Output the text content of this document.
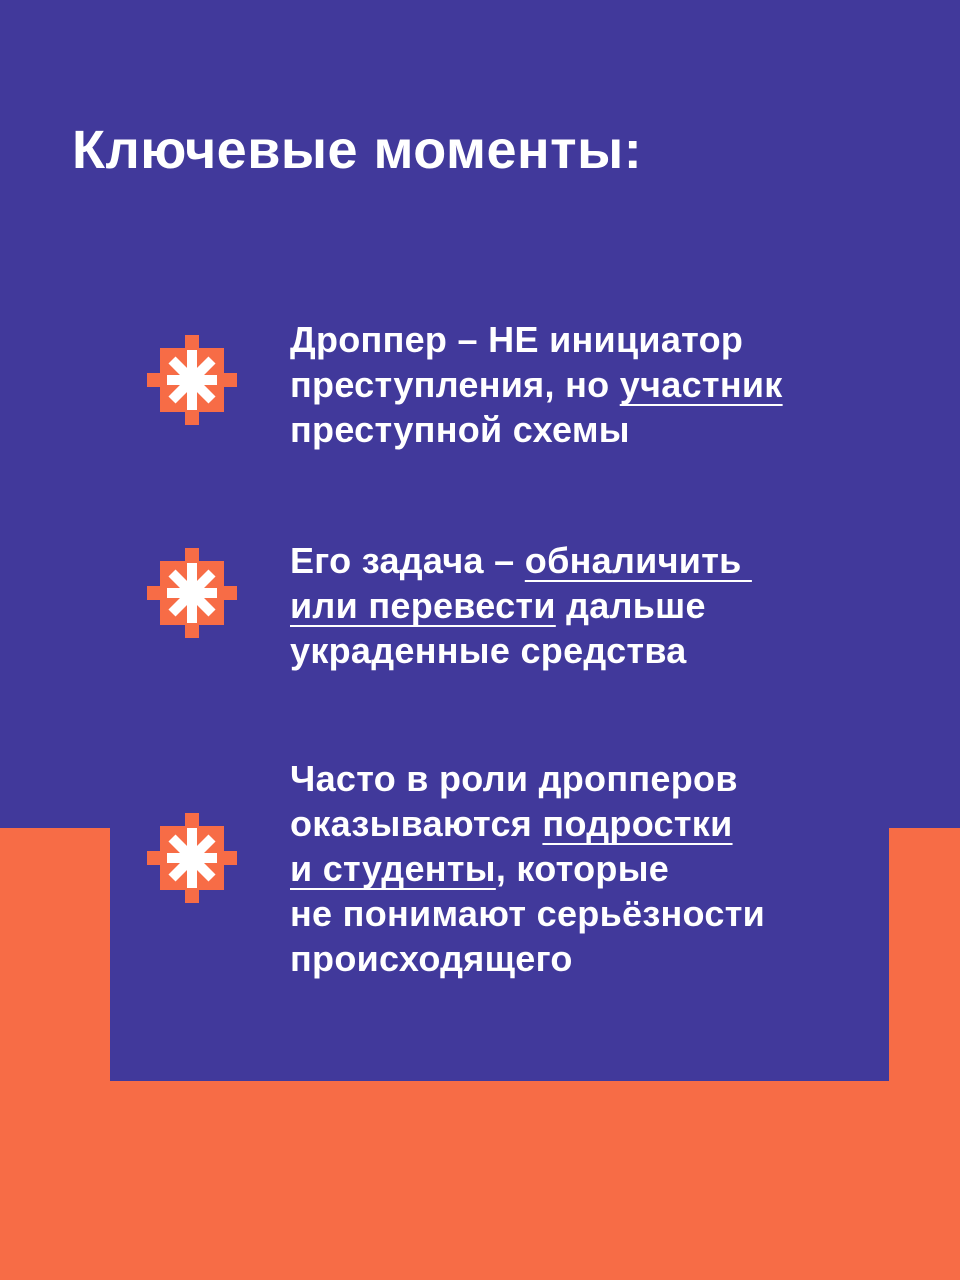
Ключевые моменты:
Дроппер – НЕ инициатор
преступления, но участник
преступной схемы
Его задача – обналичить
или перевести дальше
украденные средства
Часто в роли дропперов
оказываются подростки
и студенты, которые
не понимают серьёзности
происходящего
